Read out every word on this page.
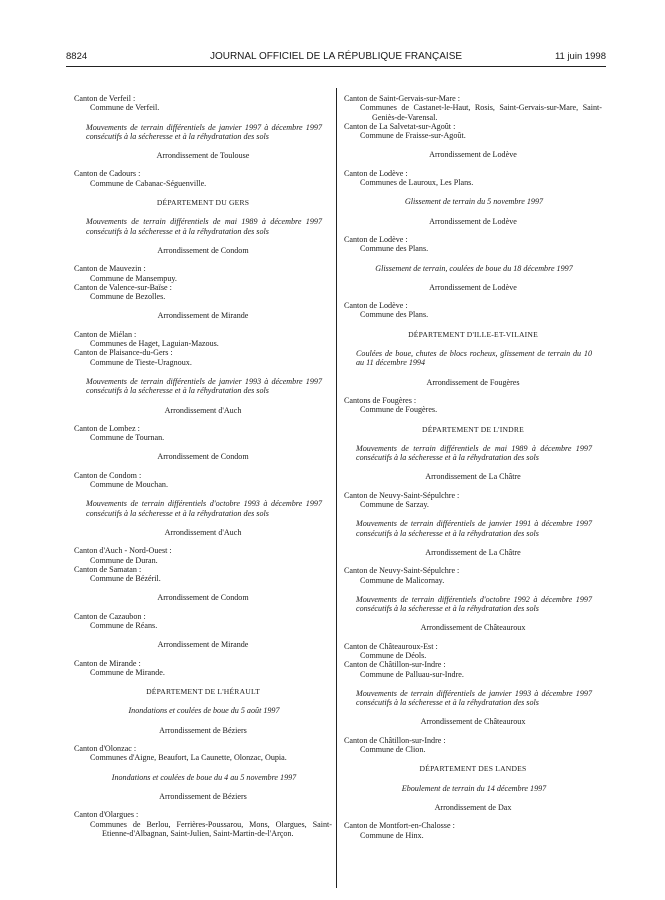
8824	JOURNAL OFFICIEL DE LA RÉPUBLIQUE FRANÇAISE	11 juin 1998

Canton de Verfeil :

Commune de Verfeil.

Mouvements de terrain différentiels de janvier 1997 à décembre 1997 consécutifs à la sécheresse et à la réhydratation des sols

Arrondissement de Toulouse

Canton de Cadours :

Commune de Cabanac-Séguenville.

DÉPARTEMENT DU GERS

Mouvements de terrain différentiels de mai 1989 à décembre 1997 consécutifs à la sécheresse et à la réhydratation des sols

Arrondissement de Condom

Canton de Mauvezin :

Commune de Mansempuy.

Canton de Valence-sur-Baïse :

Commune de Bezolles.

Arrondissement de Mirande

Canton de Miélan :

Communes de Haget, Laguian-Mazous.

Canton de Plaisance-du-Gers :

Commune de Tieste-Uragnoux.

Mouvements de terrain différentiels de janvier 1993 à décembre 1997 consécutifs à la sécheresse et à la réhydratation des sols

Arrondissement d'Auch

Canton de Lombez :

Commune de Tournan.

Arrondissement de Condom

Canton de Condom :

Commune de Mouchan.

Mouvements de terrain différentiels d'octobre 1993 à décembre 1997 consécutifs à la sécheresse et à la réhydratation des sols

Arrondissement d'Auch

Canton d'Auch - Nord-Ouest :

Commune de Duran.

Canton de Samatan :

Commune de Bézéril.

Arrondissement de Condom

Canton de Cazaubon :

Commune de Réans.

Arrondissement de Mirande

Canton de Mirande :

Commune de Mirande.

DÉPARTEMENT DE L'HÉRAULT

Inondations et coulées de boue du 5 août 1997

Arrondissement de Béziers

Canton d'Olonzac :

Communes d'Aigne, Beaufort, La Caunette, Olonzac, Oupia.

Inondations et coulées de boue du 4 au 5 novembre 1997

Arrondissement de Béziers

Canton d'Olargues :

Communes de Berlou, Ferrières-Poussarou, Mons, Olargues, Saint-Etienne-d'Albagnan, Saint-Julien, Saint-Martin-de-l'Arçon.

Canton de Saint-Gervais-sur-Mare :

Communes de Castanet-le-Haut, Rosis, Saint-Gervais-sur-Mare, Saint-Geniès-de-Varensal.

Canton de La Salvetat-sur-Agoût :

Commune de Fraisse-sur-Agoût.

Arrondissement de Lodève

Canton de Lodève :

Communes de Lauroux, Les Plans.

Glissement de terrain du 5 novembre 1997

Arrondissement de Lodève

Canton de Lodève :

Commune des Plans.

Glissement de terrain, coulées de boue du 18 décembre 1997

Arrondissement de Lodève

Canton de Lodève :

Commune des Plans.

DÉPARTEMENT D'ILLE-ET-VILAINE

Coulées de boue, chutes de blocs rocheux, glissement de terrain du 10 au 11 décembre 1994

Arrondissement de Fougères

Cantons de Fougères :

Commune de Fougères.

DÉPARTEMENT DE L'INDRE

Mouvements de terrain différentiels de mai 1989 à décembre 1997 consécutifs à la sécheresse et à la réhydratation des sols

Arrondissement de La Châtre

Canton de Neuvy-Saint-Sépulchre :

Commune de Sarzay.

Mouvements de terrain différentiels de janvier 1991 à décembre 1997 consécutifs à la sécheresse et à la réhydratation des sols

Arrondissement de La Châtre

Canton de Neuvy-Saint-Sépulchre :

Commune de Malicornay.

Mouvements de terrain différentiels d'octobre 1992 à décembre 1997 consécutifs à la sécheresse et à la réhydratation des sols

Arrondissement de Châteauroux

Canton de Châteauroux-Est :

Commune de Déols.

Canton de Châtillon-sur-Indre :

Commune de Palluau-sur-Indre.

Mouvements de terrain différentiels de janvier 1993 à décembre 1997 consécutifs à la sécheresse et à la réhydratation des sols

Arrondissement de Châteauroux

Canton de Châtillon-sur-Indre :

Commune de Clion.

DÉPARTEMENT DES LANDES

Eboulement de terrain du 14 décembre 1997

Arrondissement de Dax

Canton de Montfort-en-Chalosse :

Commune de Hinx.
